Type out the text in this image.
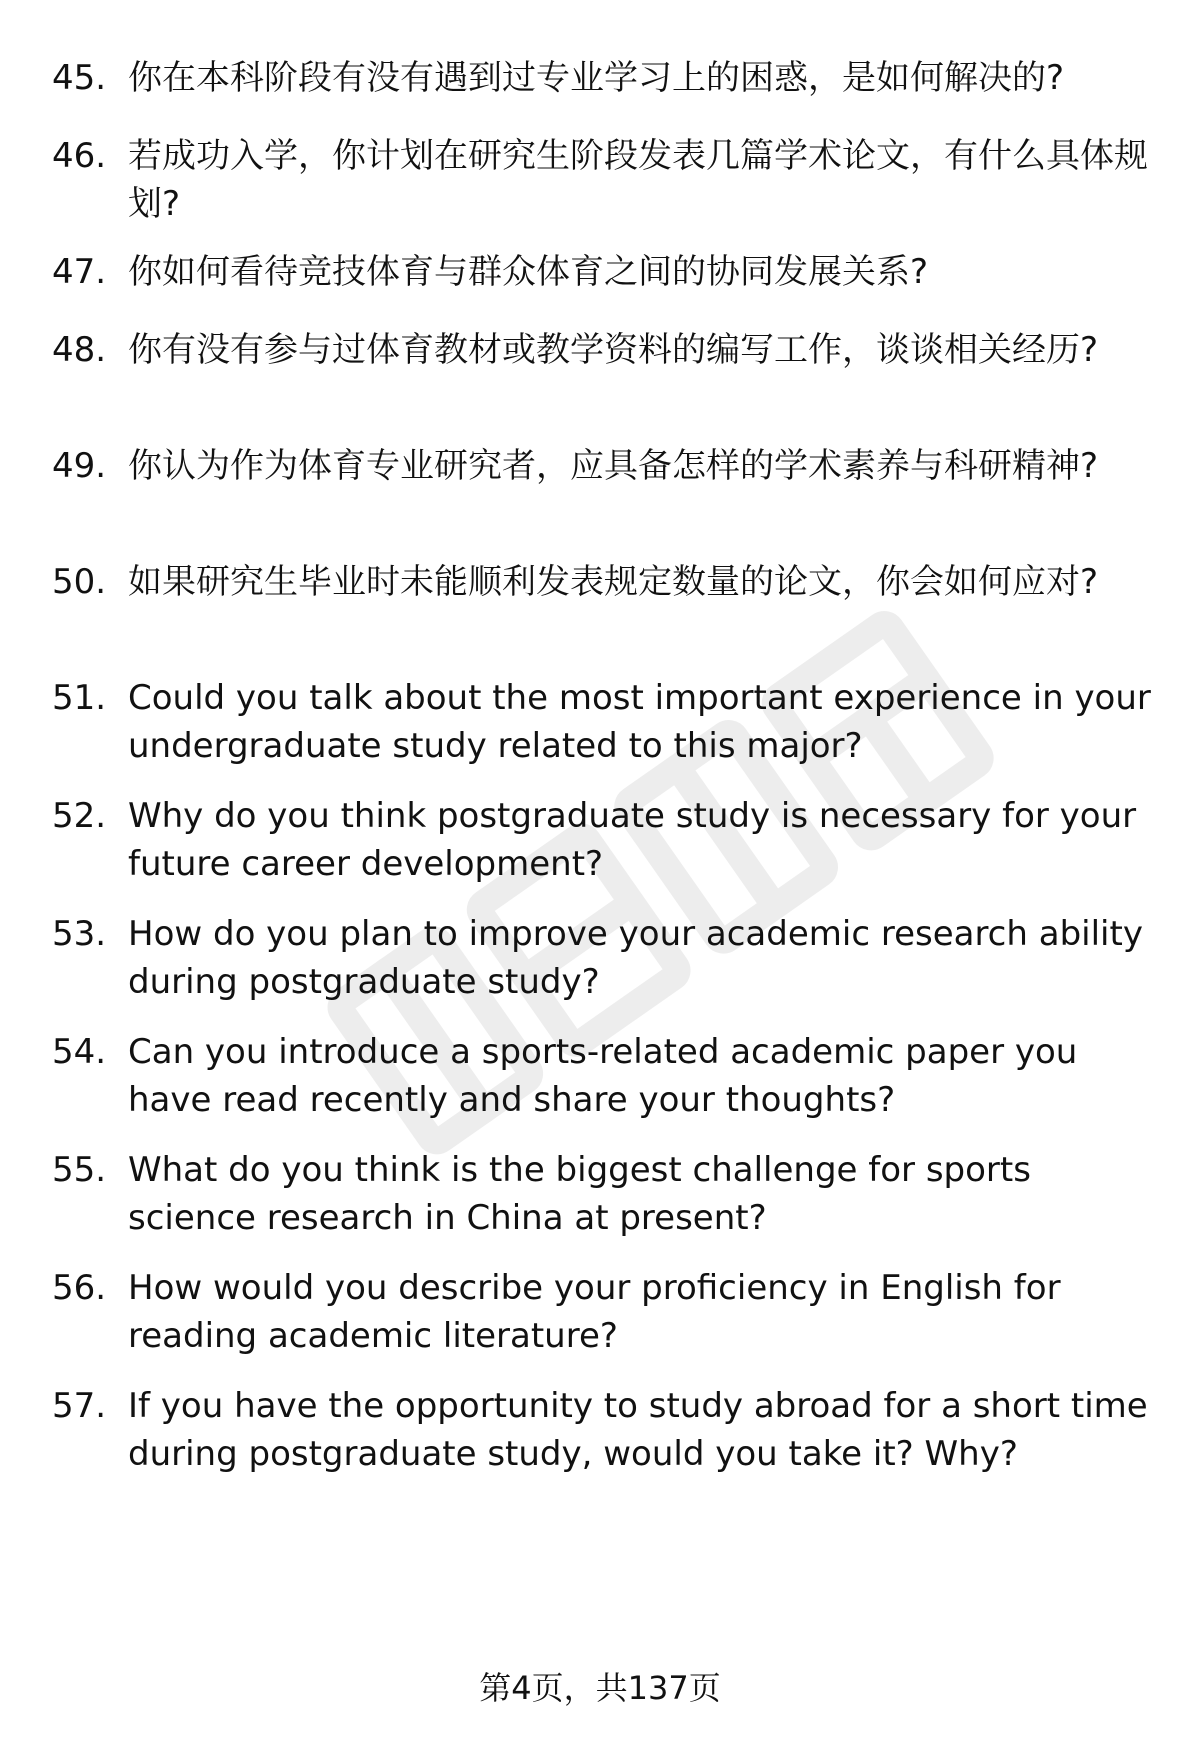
45. 你在本科阶段有没有遇到过专业学习上的困惑，是如何解决的?
46. 若成功入学，你计划在研究生阶段发表几篇学术论文，有什么具体规划?
47. 你如何看待竞技体育与群众体育之间的协同发展关系?
48. 你有没有参与过体育教材或教学资料的编写工作，谈谈相关经历?
49. 你认为作为体育专业研究者，应具备怎样的学术素养与科研精神?
50. 如果研究生毕业时未能顺利发表规定数量的论文，你会如何应对?
51. Could you talk about the most important experience in your undergraduate study related to this major?
52. Why do you think postgraduate study is necessary for your future career development?
53. How do you plan to improve your academic research ability during postgraduate study?
54. Can you introduce a sports-related academic paper you have read recently and share your thoughts?
55. What do you think is the biggest challenge for sports science research in China at present?
56. How would you describe your proficiency in English for reading academic literature?
57. If you have the opportunity to study abroad for a short time during postgraduate study, would you take it? Why?
第4页，共137页
